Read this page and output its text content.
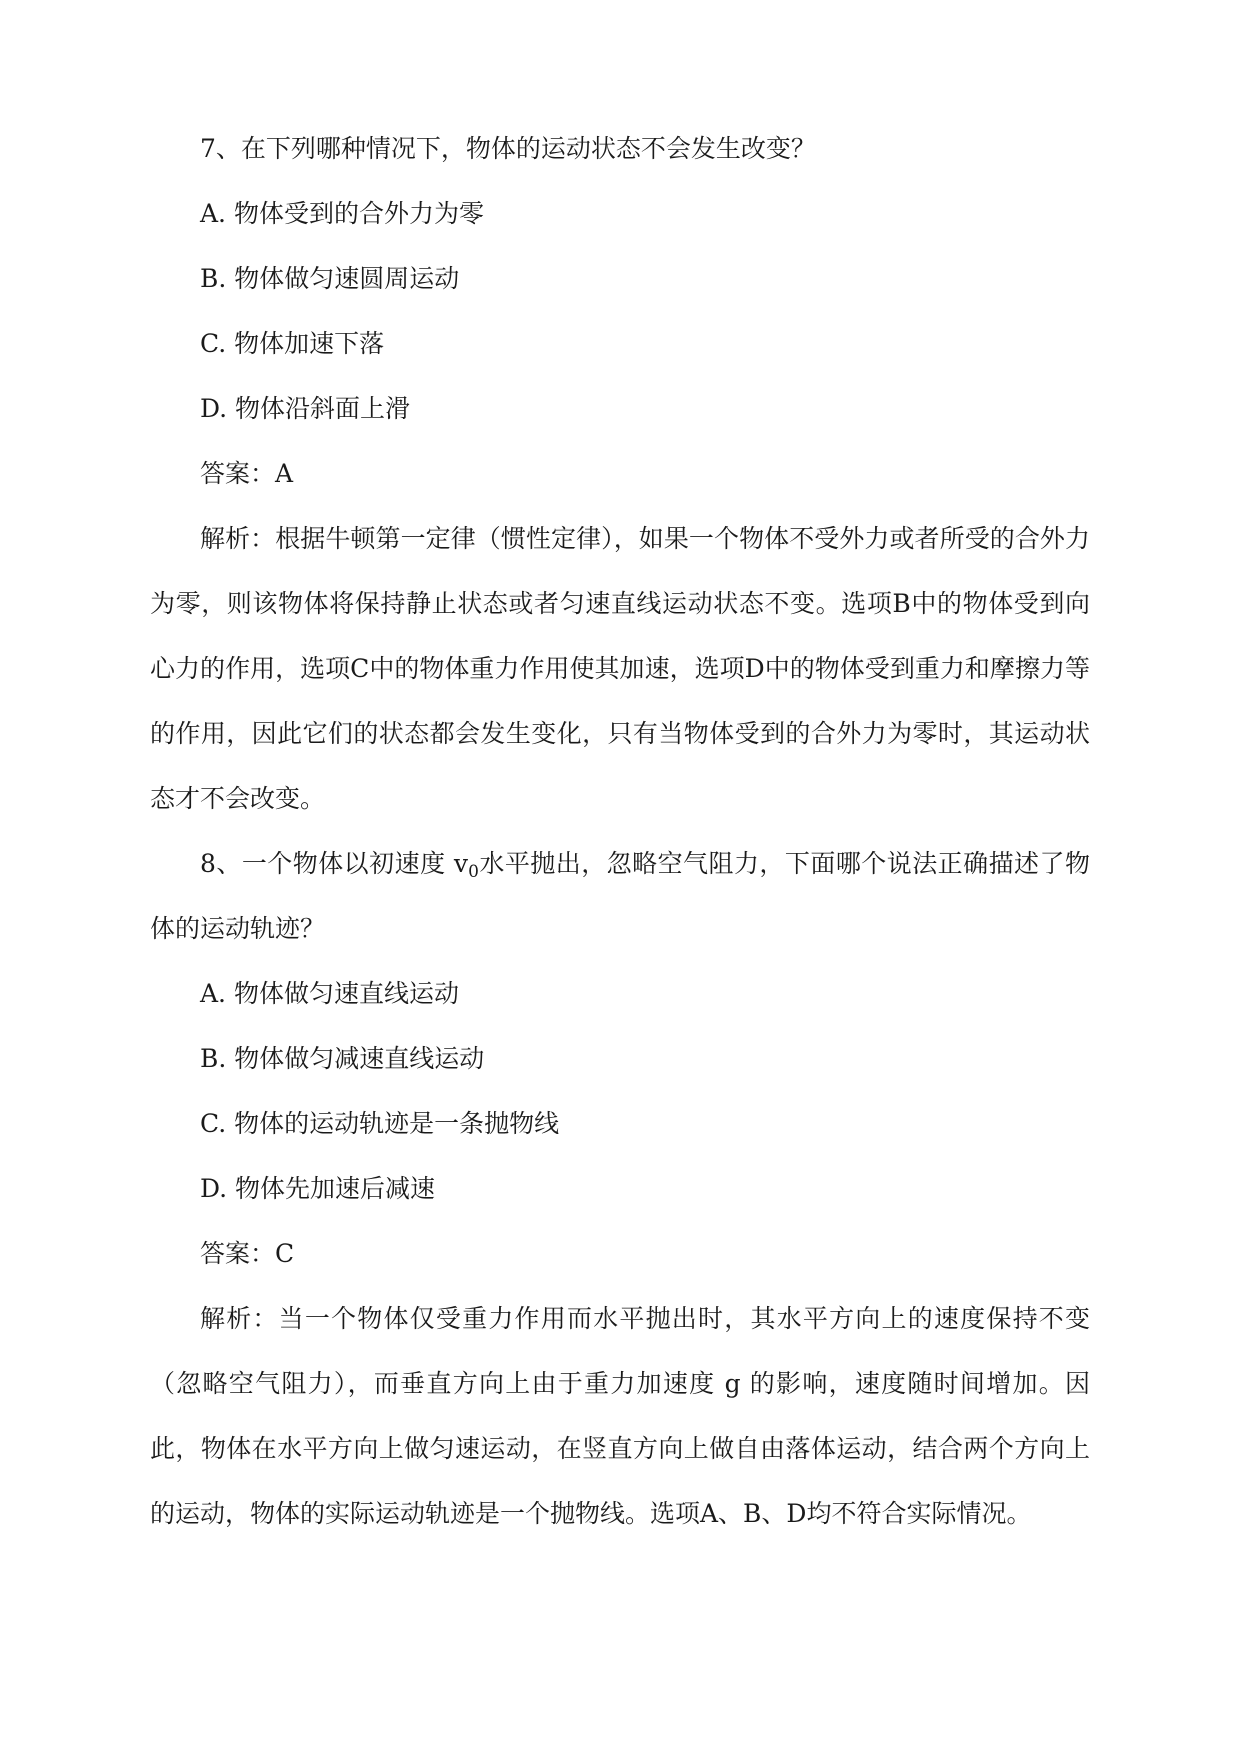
7、在下列哪种情况下，物体的运动状态不会发生改变？

A. 物体受到的合外力为零

B. 物体做匀速圆周运动

C. 物体加速下落

D. 物体沿斜面上滑

答案：A

解析：根据牛顿第一定律（惯性定律），如果一个物体不受外力或者所受的合外力为零，则该物体将保持静止状态或者匀速直线运动状态不变。选项B中的物体受到向心力的作用，选项C中的物体重力作用使其加速，选项D中的物体受到重力和摩擦力等的作用，因此它们的状态都会发生变化，只有当物体受到的合外力为零时，其运动状态才不会改变。

8、一个物体以初速度 $v_0$水平抛出，忽略空气阻力，下面哪个说法正确描述了物体的运动轨迹？

A. 物体做匀速直线运动

B. 物体做匀减速直线运动

C. 物体的运动轨迹是一条抛物线

D. 物体先加速后减速

答案：C

解析：当一个物体仅受重力作用而水平抛出时，其水平方向上的速度保持不变（忽略空气阻力），而垂直方向上由于重力加速度 g 的影响，速度随时间增加。因此，物体在水平方向上做匀速运动，在竖直方向上做自由落体运动，结合两个方向上的运动，物体的实际运动轨迹是一个抛物线。选项A、B、D均不符合实际情况。
